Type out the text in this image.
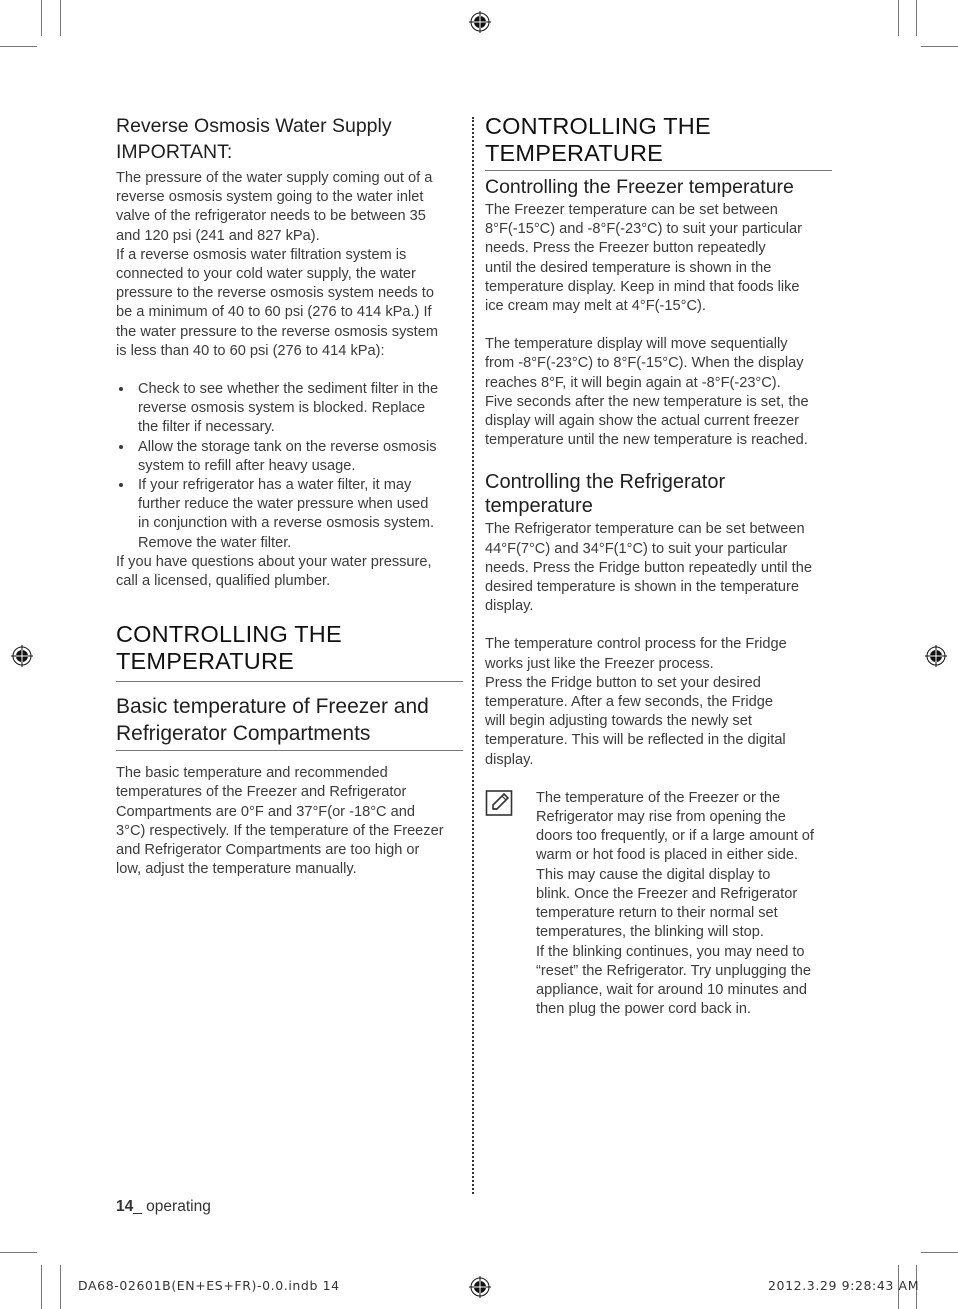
Reverse Osmosis Water Supply
IMPORTANT:

The pressure of the water supply coming out of a
reverse osmosis system going to the water inlet
valve of the refrigerator needs to be between 35
and 120 psi (241 and 827 kPa).
If a reverse osmosis water filtration system is
connected to your cold water supply, the water
pressure to the reverse osmosis system needs to
be a minimum of 40 to 60 psi (276 to 414 kPa.) If
the water pressure to the reverse osmosis system
is less than 40 to 60 psi (276 to 414 kPa):

Check to see whether the sediment filter in the
reverse osmosis system is blocked. Replace
the filter if necessary.
Allow the storage tank on the reverse osmosis
system to refill after heavy usage.
If your refrigerator has a water filter, it may
further reduce the water pressure when used
in conjunction with a reverse osmosis system.
Remove the water filter.

If you have questions about your water pressure,
call a licensed, qualified plumber.

CONTROLLING THE
TEMPERATURE
Basic temperature of Freezer and
Refrigerator Compartments

The basic temperature and recommended
temperatures of the Freezer and Refrigerator
Compartments are 0°F and 37°F(or -18°C and
3°C) respectively. If the temperature of the Freezer
and Refrigerator Compartments are too high or
low, adjust the temperature manually.

CONTROLLING THE
TEMPERATURE
Controlling the Freezer temperature

The Freezer temperature can be set between
8°F(-15°C) and -8°F(-23°C) to suit your particular
needs. Press the Freezer button repeatedly
until the desired temperature is shown in the
temperature display. Keep in mind that foods like
ice cream may melt at 4°F(-15°C).

The temperature display will move sequentially
from -8°F(-23°C) to 8°F(-15°C). When the display
reaches 8°F, it will begin again at -8°F(-23°C).
Five seconds after the new temperature is set, the
display will again show the actual current freezer
temperature until the new temperature is reached.

Controlling the Refrigerator
temperature

The Refrigerator temperature can be set between
44°F(7°C) and 34°F(1°C) to suit your particular
needs. Press the Fridge button repeatedly until the
desired temperature is shown in the temperature
display.

The temperature control process for the Fridge
works just like the Freezer process.
Press the Fridge button to set your desired
temperature. After a few seconds, the Fridge
will begin adjusting towards the newly set
temperature. This will be reflected in the digital
display.

The temperature of the Freezer or the
Refrigerator may rise from opening the
doors too frequently, or if a large amount of
warm or hot food is placed in either side.
This may cause the digital display to
blink. Once the Freezer and Refrigerator
temperature return to their normal set
temperatures, the blinking will stop.
If the blinking continues, you may need to
“reset” the Refrigerator. Try unplugging the
appliance, wait for around 10 minutes and
then plug the power cord back in.

14_ operating
DA68-02601B(EN+ES+FR)-0.0.indb 14	2012.3.29 9:28:43 AM
